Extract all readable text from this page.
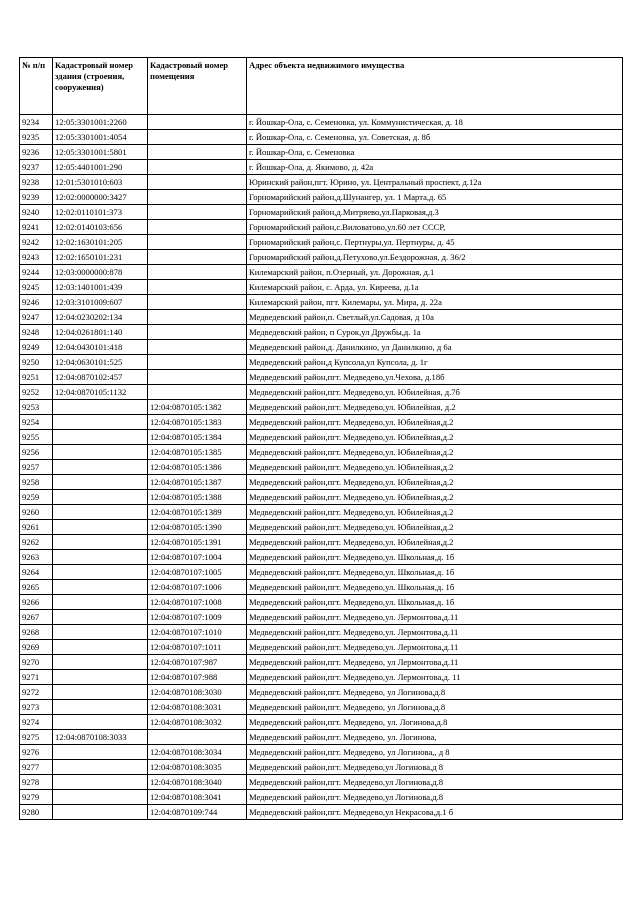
№ п/п	Кадастровый номер здания (строения, сооружения)	Кадастровый номер помещения	Адрес объекта недвижимого имущества
9234	12:05:3301001:2260		г. Йошкар-Ола, с. Семеновка, ул. Коммунистическая, д. 18
9235	12:05:3301001:4054		г. Йошкар-Ола, с. Семеновка, ул. Советская, д. 8б
9236	12:05:3301001:5801		г. Йошкар-Ола, с. Семеновка
9237	12:05:4401001:290		г. Йошкар-Ола, д. Якимово, д. 42а
9238	12:01:5301010:603		Юринский район,пгт. Юрино, ул. Центральный проспект, д.12а
9239	12:02:0000000:3427		Горномарийский район,д.Шунангер, ул. 1 Марта,д. 65
9240	12:02:0110101:373		Горномарийский район,д.Митряево,ул.Парковая,д.3
9241	12:02:0140103:656		Горномарийский район,с.Виловатово,ул.60 лет СССР,
9242	12:02:1630101:205		Горномарийский район,с. Пертнуры,ул. Пертнуры, д. 45
9243	12:02:1650101:231		Горномарийский район,д.Петухово,ул.Бездорожная, д. 36/2
9244	12:03:0000000:878		Килемарский район, п.Озерный, ул. Дорожная, д.1
9245	12:03:1401001:439		Килемарский район, с. Арда, ул. Киреева, д.1а
9246	12:03:3101009:607		Килемарский район, пгт. Килемары, ул. Мира, д. 22а
9247	12:04:0230202:134		Медведевский район,п. Светлый,ул.Садовая, д 10а
9248	12:04:0261801:140		Медведевский район, п Сурок,ул Дружбы,д. 1а
9249	12:04:0430101:418		Медведевский район,д. Данилкино, ул Данилкино, д 6а
9250	12:04:0630101:525		Медведевский район,д Купсола,ул Купсола, д. 1г
9251	12:04:0870102:457		Медведевский район,пгт. Медведево,ул.Чехова, д.18б
9252	12:04:0870105:1132		Медведевский район,пгт. Медведево,ул. Юбилейная, д.7б
9253		12:04:0870105:1382	Медведевский район,пгт. Медведево,ул. Юбилейная, д.2
9254		12:04:0870105:1383	Медведевский район,пгт. Медведево,ул. Юбилейная,д.2
9255		12:04:0870105:1384	Медведевский район,пгт. Медведево,ул. Юбилейная,д.2
9256		12:04:0870105:1385	Медведевский район,пгт. Медведево,ул. Юбилейная,д.2
9257		12:04:0870105:1386	Медведевский район,пгт. Медведево,ул. Юбилейная,д.2
9258		12:04:0870105:1387	Медведевский район,пгт. Медведево,ул. Юбилейная,д.2
9259		12:04:0870105:1388	Медведевский район,пгт. Медведево,ул. Юбилейная,д.2
9260		12:04:0870105:1389	Медведевский район,пгт. Медведево,ул. Юбилейная,д.2
9261		12:04:0870105:1390	Медведевский район,пгт. Медведево,ул. Юбилейная,д.2
9262		12:04:0870105:1391	Медведевский район,пгт. Медведево,ул. Юбилейная,д.2
9263		12:04:0870107:1004	Медведевский район,пгт. Медведево,ул. Школьная,д. 1б
9264		12:04:0870107:1005	Медведевский район,пгт. Медведево,ул. Школьная,д. 1б
9265		12:04:0870107:1006	Медведевский район,пгт. Медведево,ул. Школьная,д. 1б
9266		12:04:0870107:1008	Медведевский район,пгт. Медведево,ул. Школьная,д. 1б
9267		12:04:0870107:1009	Медведевский район,пгт. Медведево,ул. Лермонтова,д.11
9268		12:04:0870107:1010	Медведевский район,пгт. Медведево,ул. Лермонтова,д.11
9269		12:04:0870107:1011	Медведевский район,пгт. Медведево,ул. Лермонтова,д.11
9270		12:04:0870107:987	Медведевский район,пгт. Медведево, ул Лермонтова,д.11
9271		12:04:0870107:988	Медведевский район,пгт. Медведево,ул. Лермонтова,д. 11
9272		12:04:0870108:3030	Медведевский район,пгт. Медведево, ул Логинова,д.8
9273		12:04:0870108:3031	Медведевский район,пгт. Медведево, ул Логинова,д.8
9274		12:04:0870108:3032	Медведевский район,пгт. Медведево, ул. Логинова,д.8
9275	12:04:0870108:3033		Медведевский район,пгт. Медведево, ул. Логинова,
9276		12:04:0870108:3034	Медведевский район,пгт. Медведево, ул Логинова,, д 8
9277		12:04:0870108:3035	Медведевский район,пгт. Медведево,ул Логинова,д 8
9278		12:04:0870108:3040	Медведевский район,пгт. Медведево,ул Логинова,д.8
9279		12:04:0870108:3041	Медведевский район,пгт. Медведево,ул Логинова,д.8
9280		12:04:0870109:744	Медведевский район,пгт. Медведево,ул Некрасова,д.1 б
